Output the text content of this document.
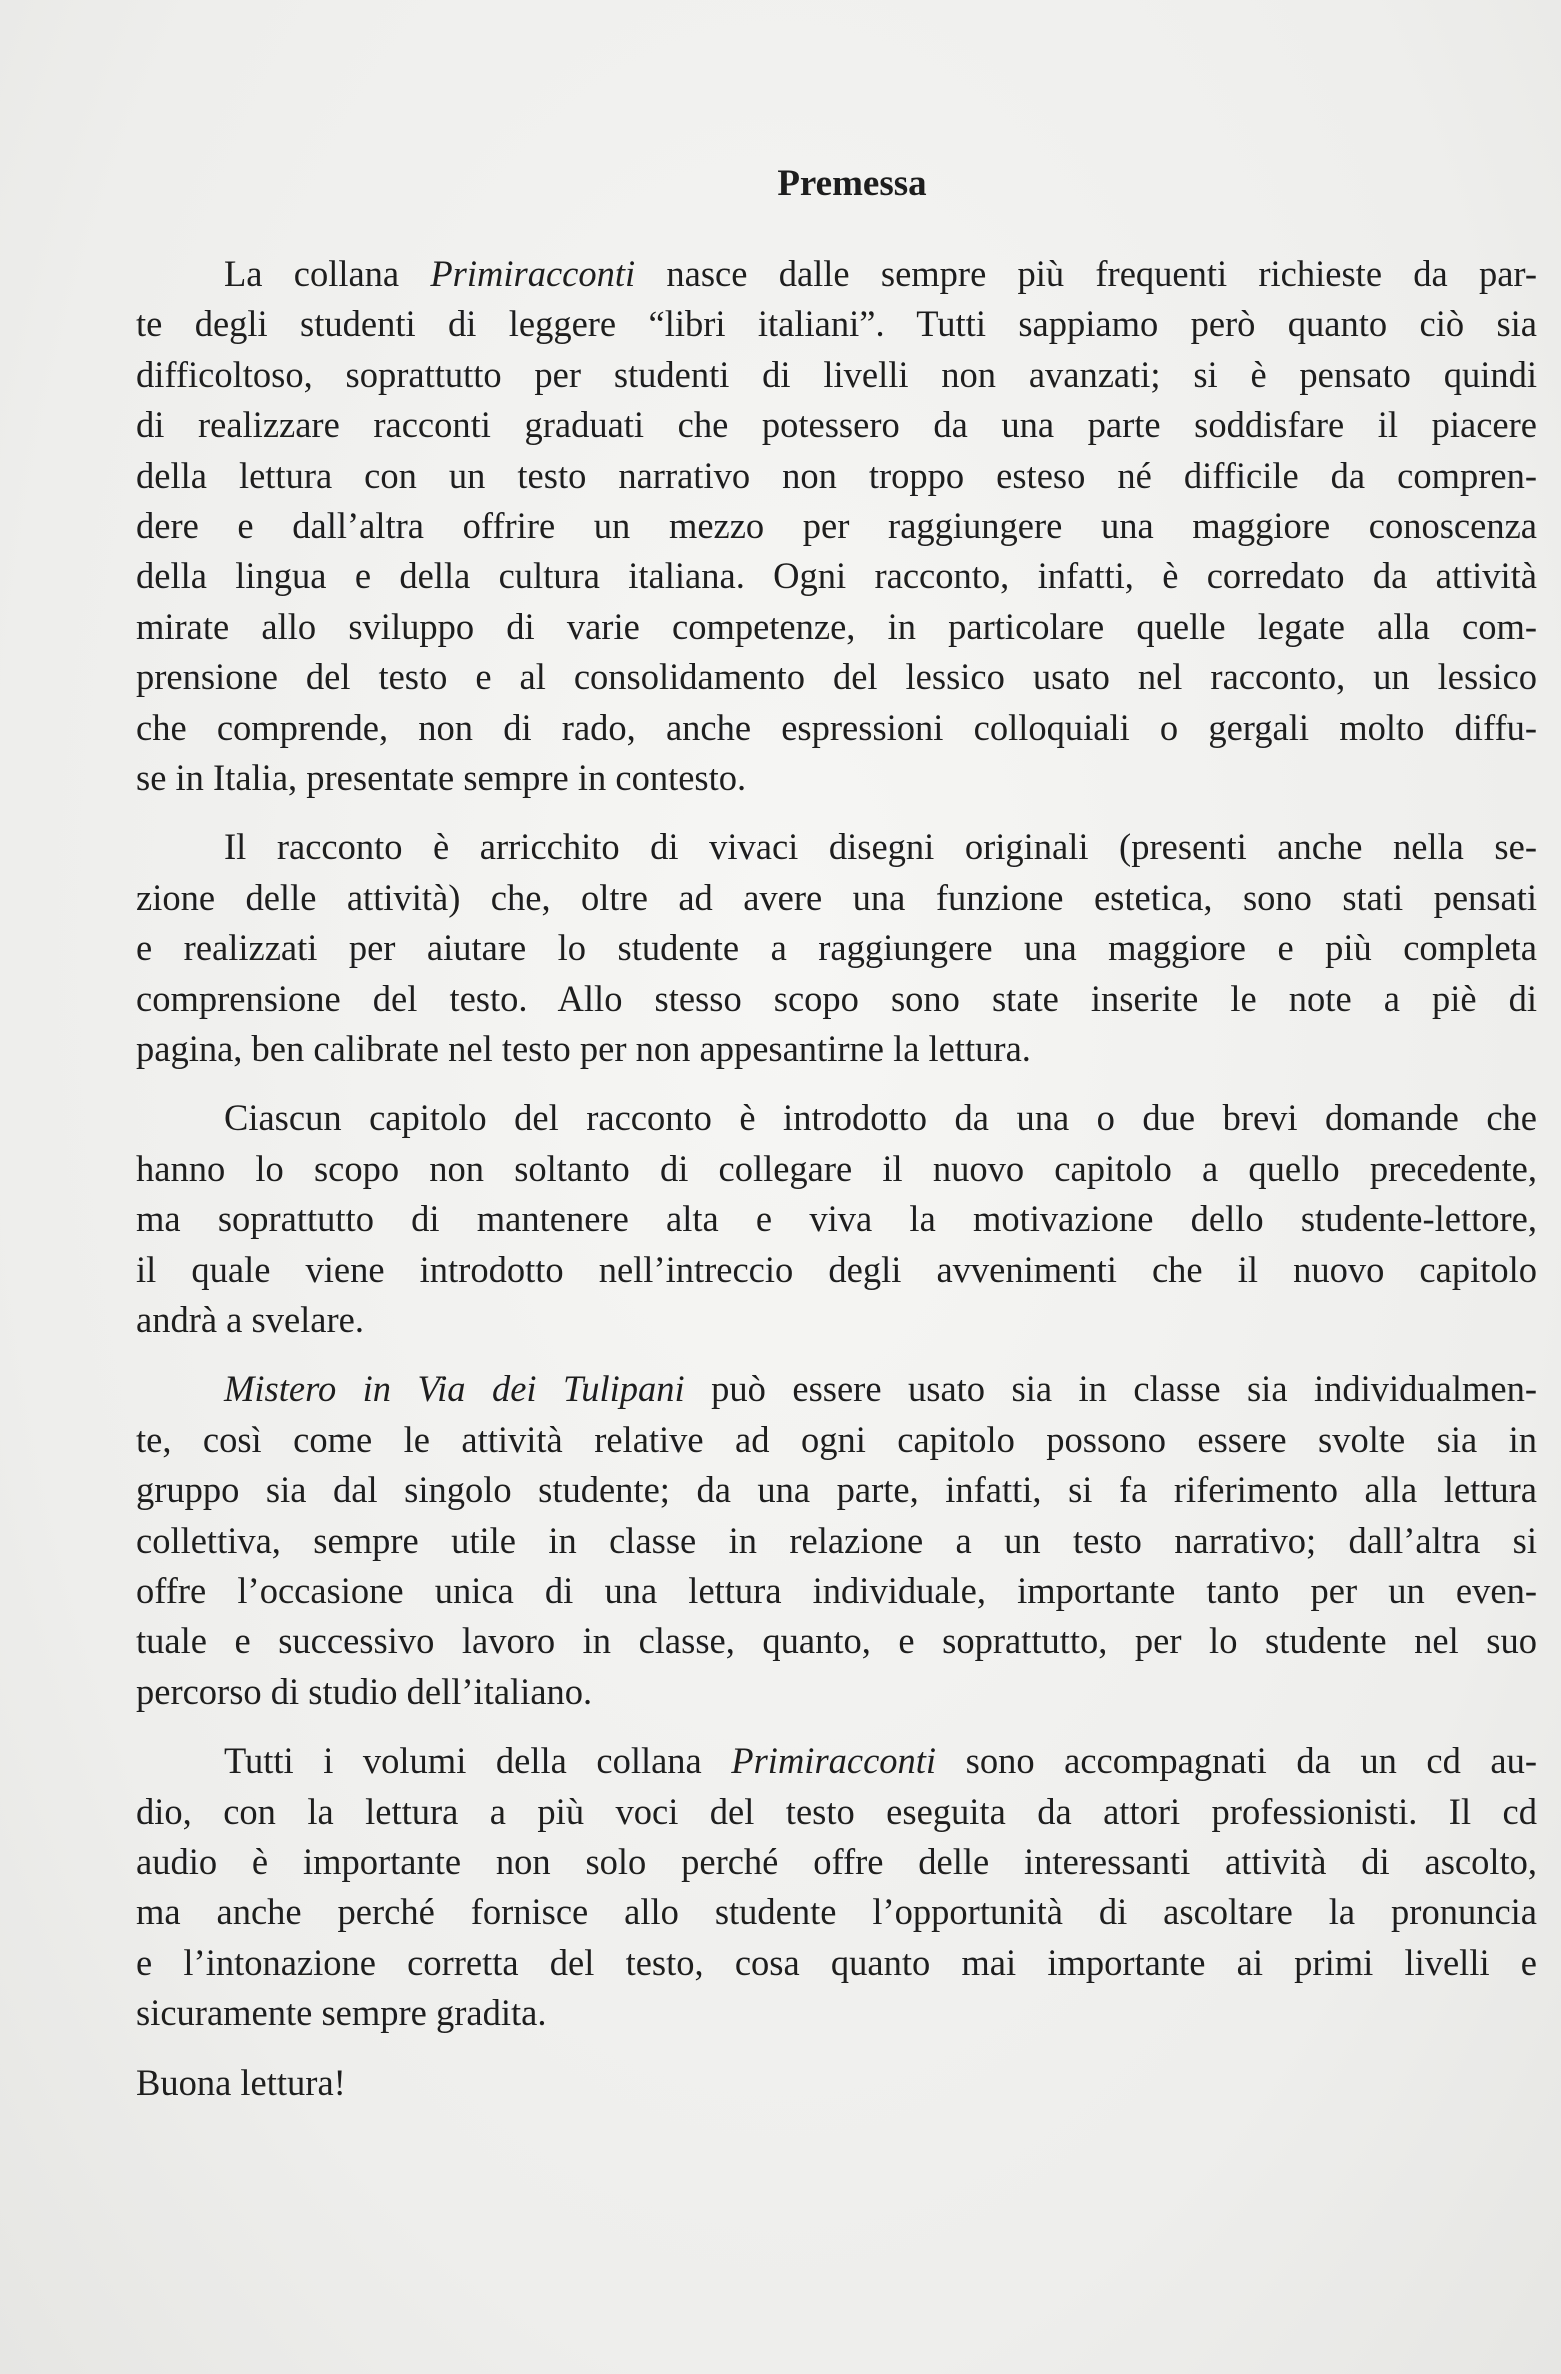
Premessa
La collana Primiracconti nasce dalle sempre più frequenti richieste da par-
te degli studenti di leggere “libri italiani”. Tutti sappiamo però quanto ciò sia
difficoltoso, soprattutto per studenti di livelli non avanzati; si è pensato quindi
di realizzare racconti graduati che potessero da una parte soddisfare il piacere
della lettura con un testo narrativo non troppo esteso né difficile da compren-
dere e dall’altra offrire un mezzo per raggiungere una maggiore conoscenza
della lingua e della cultura italiana. Ogni racconto, infatti, è corredato da attività
mirate allo sviluppo di varie competenze, in particolare quelle legate alla com-
prensione del testo e al consolidamento del lessico usato nel racconto, un lessico
che comprende, non di rado, anche espressioni colloquiali o gergali molto diffu-
se in Italia, presentate sempre in contesto.
Il racconto è arricchito di vivaci disegni originali (presenti anche nella se-
zione delle attività) che, oltre ad avere una funzione estetica, sono stati pensati
e realizzati per aiutare lo studente a raggiungere una maggiore e più completa
comprensione del testo. Allo stesso scopo sono state inserite le note a piè di
pagina, ben calibrate nel testo per non appesantirne la lettura.
Ciascun capitolo del racconto è introdotto da una o due brevi domande che
hanno lo scopo non soltanto di collegare il nuovo capitolo a quello precedente,
ma soprattutto di mantenere alta e viva la motivazione dello studente-lettore,
il quale viene introdotto nell’intreccio degli avvenimenti che il nuovo capitolo
andrà a svelare.
Mistero in Via dei Tulipani può essere usato sia in classe sia individualmen-
te, così come le attività relative ad ogni capitolo possono essere svolte sia in
gruppo sia dal singolo studente; da una parte, infatti, si fa riferimento alla lettura
collettiva, sempre utile in classe in relazione a un testo narrativo; dall’altra si
offre l’occasione unica di una lettura individuale, importante tanto per un even-
tuale e successivo lavoro in classe, quanto, e soprattutto, per lo studente nel suo
percorso di studio dell’italiano.
Tutti i volumi della collana Primiracconti sono accompagnati da un cd au-
dio, con la lettura a più voci del testo eseguita da attori professionisti. Il cd
audio è importante non solo perché offre delle interessanti attività di ascolto,
ma anche perché fornisce allo studente l’opportunità di ascoltare la pronuncia
e l’intonazione corretta del testo, cosa quanto mai importante ai primi livelli e
sicuramente sempre gradita.
Buona lettura!
